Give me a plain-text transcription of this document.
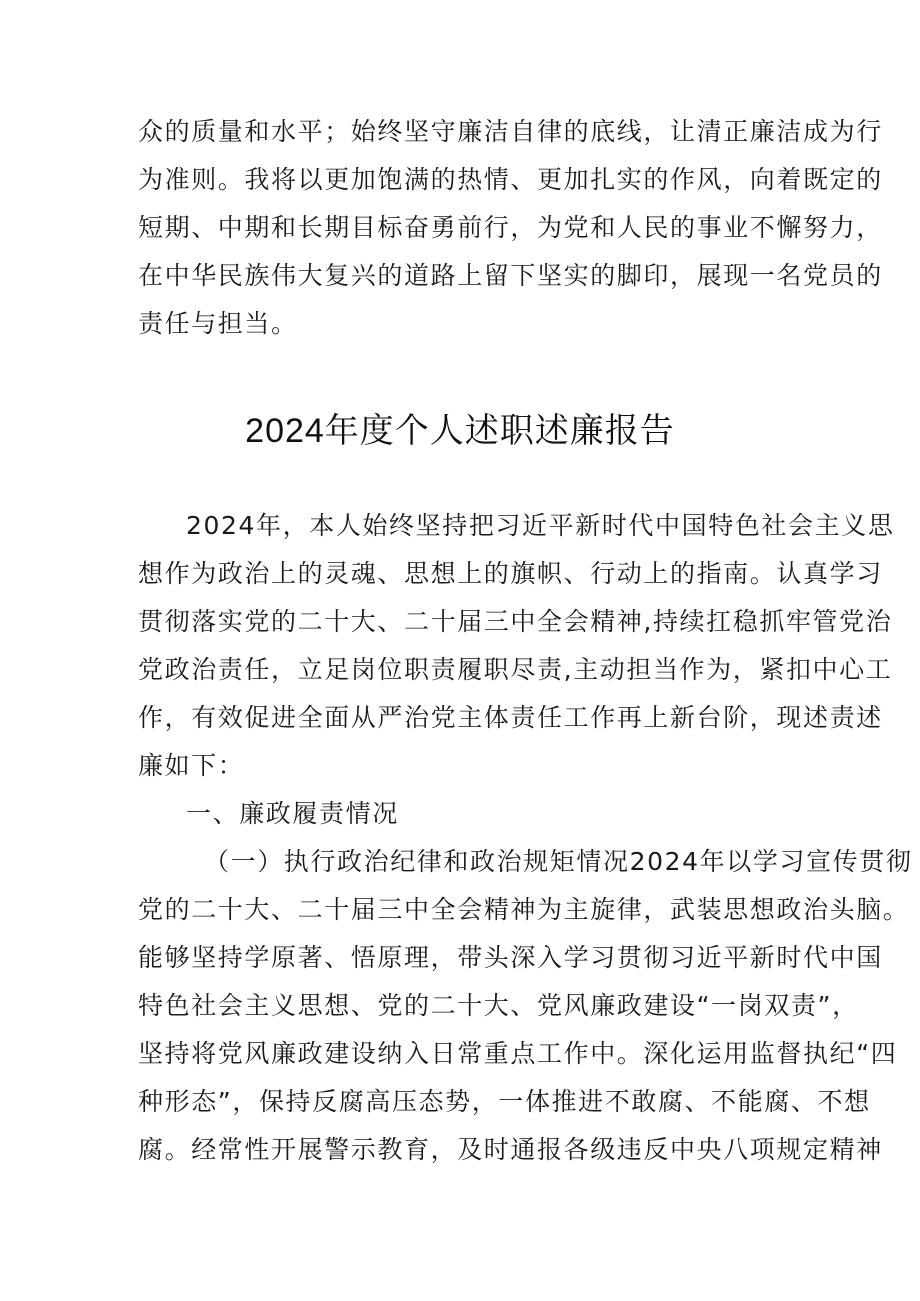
众的质量和水平；始终坚守廉洁自律的底线，让清正廉洁成为行
为准则。我将以更加饱满的热情、更加扎实的作风，向着既定的
短期、中期和长期目标奋勇前行，为党和人民的事业不懈努力，
在中华民族伟大复兴的道路上留下坚实的脚印，展现一名党员的
责任与担当。
2024年度个人述职述廉报告
2024年，本人始终坚持把习近平新时代中国特色社会主义思
想作为政治上的灵魂、思想上的旗帜、行动上的指南。认真学习
贯彻落实党的二十大、二十届三中全会精神,持续扛稳抓牢管党治
党政治责任，立足岗位职责履职尽责,主动担当作为，紧扣中心工
作，有效促进全面从严治党主体责任工作再上新台阶，现述责述
廉如下：
一、廉政履责情况
（一）执行政治纪律和政治规矩情况2024年以学习宣传贯彻
党的二十大、二十届三中全会精神为主旋律，武装思想政治头脑。
能够坚持学原著、悟原理，带头深入学习贯彻习近平新时代中国
特色社会主义思想、党的二十大、党风廉政建设“一岗双责”，
坚持将党风廉政建设纳入日常重点工作中。深化运用监督执纪“四
种形态”，保持反腐高压态势，一体推进不敢腐、不能腐、不想
腐。经常性开展警示教育，及时通报各级违反中央八项规定精神
